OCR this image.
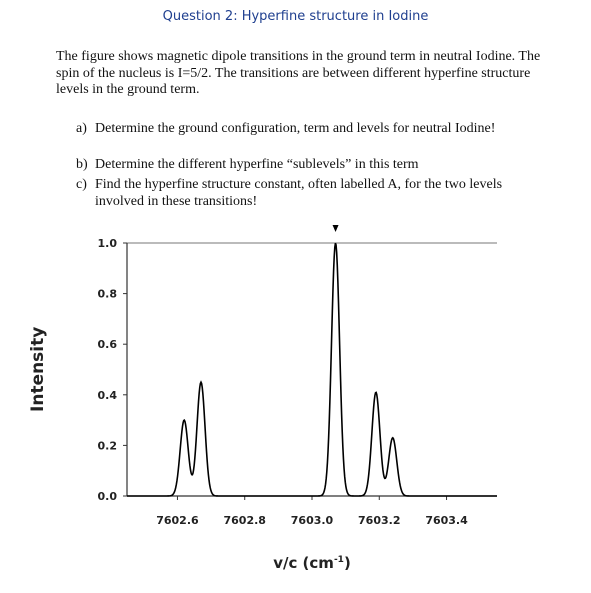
Question 2: Hyperfine structure in Iodine
The figure shows magnetic dipole transitions in the ground term in neutral Iodine. The spin of the nucleus is I=5/2. The transitions are between different hyperfine structure levels in the ground term.
a) Determine the ground configuration, term and levels for neutral Iodine!
b) Determine the different hyperfine “sublevels” in this term
c) Find the hyperfine structure constant, often labelled A, for the two levels
involved in these transitions!
0.0
0.2
0.4
0.6
0.8
1.0
7602.6 7602.8 7603.0 7603.2 7603.4
Intensity
v/c $(cm^{-1})$
